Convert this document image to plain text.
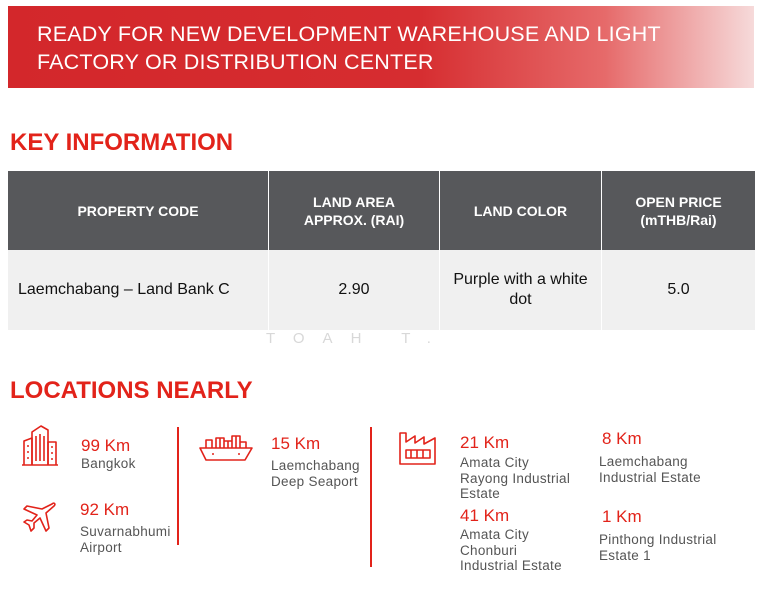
READY FOR NEW DEVELOPMENT WAREHOUSE AND LIGHT
FACTORY OR DISTRIBUTION CENTER
KEY INFORMATION
PROPERTY CODE
LAND AREA
APPROX. (RAI)
LAND COLOR
OPEN PRICE
(mTHB/Rai)
Laemchabang – Land Bank C	2.90
Purple with a white
dot
5.0
TOAH T.
LOCATIONS NEARLY
99 Km
Bangkok
92 Km
Suvarnabhumi
Airport
15 Km
Laemchabang
Deep Seaport
21 Km
Amata City
Rayong Industrial
Estate
8 Km
Laemchabang
Industrial Estate
41 Km
Amata City
Chonburi
Industrial Estate
1 Km
Pinthong Industrial
Estate 1
